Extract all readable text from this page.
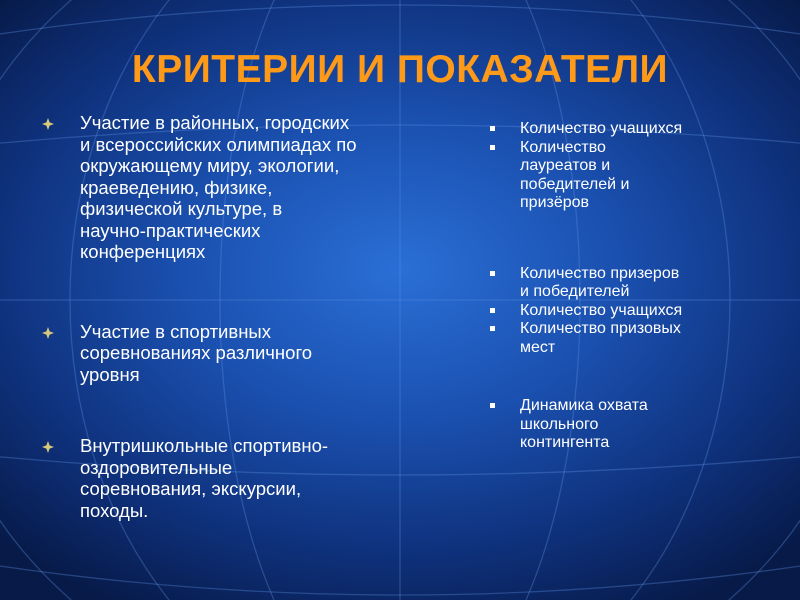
КРИТЕРИИ И ПОКАЗАТЕЛИ
Участие в районных, городских
и всероссийских олимпиадах по
окружающему миру, экологии,
краеведению, физике,
физической культуре, в
научно-практических
конференциях
Участие в спортивных
соревнованиях различного
уровня
Внутришкольные спортивно-
оздоровительные
соревнования, экскурсии,
походы.
Количество учащихся
Количество
лауреатов и
победителей и
призёров
Количество призеров
и победителей
Количество учащихся
Количество призовых
мест
Динамика охвата
школьного
контингента
